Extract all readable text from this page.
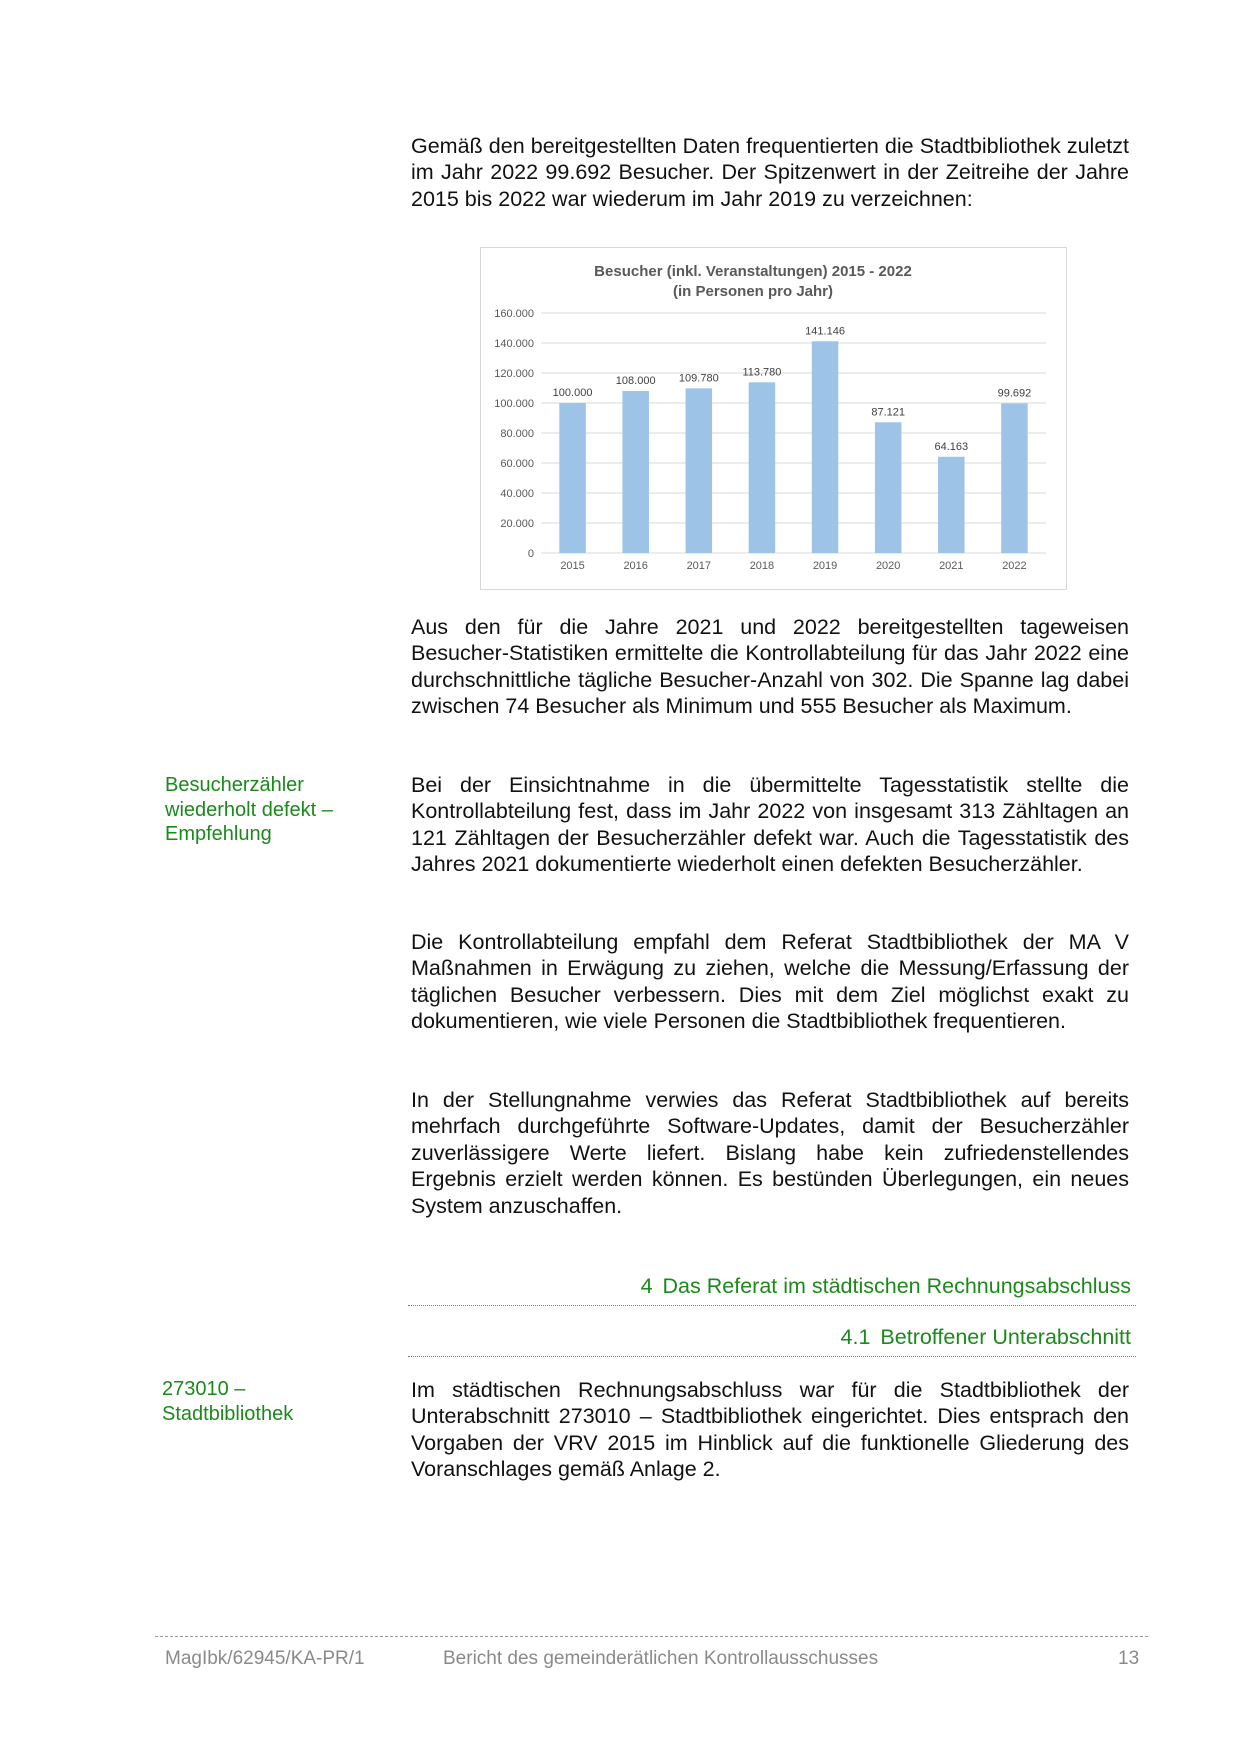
Gemäß den bereitgestellten Daten frequentierten die Stadtbibliothek zuletzt im Jahr 2022 99.692 Besucher. Der Spitzenwert in der Zeitreihe der Jahre 2015 bis 2022 war wiederum im Jahr 2019 zu verzeichnen:

Besucher (inkl. Veranstaltungen) 2015 - 2022
(in Personen pro Jahr)
0
20.000
40.000
60.000
80.000
100.000
120.000
140.000
160.000
100.000
2015
108.000
2016
109.780
2017
113.780
2018
141.146
2019
87.121
2020
64.163
2021
99.692
2022

Aus den für die Jahre 2021 und 2022 bereitgestellten tageweisen Besucher-Statistiken ermittelte die Kontrollabteilung für das Jahr 2022 eine durchschnittliche tägliche Besucher-Anzahl von 302. Die Spanne lag dabei zwischen 74 Besucher als Minimum und 555 Besucher als Maximum.

Besucherzähler
wiederholt defekt –
Empfehlung

Bei der Einsichtnahme in die übermittelte Tagesstatistik stellte die Kontrollabteilung fest, dass im Jahr 2022 von insgesamt 313 Zähltagen an 121 Zähltagen der Besucherzähler defekt war. Auch die Tagesstatistik des Jahres 2021 dokumentierte wiederholt einen defekten Besucherzähler.

Die Kontrollabteilung empfahl dem Referat Stadtbibliothek der MA V Maßnahmen in Erwägung zu ziehen, welche die Messung/Erfassung der täglichen Besucher verbessern. Dies mit dem Ziel möglichst exakt zu dokumentieren, wie viele Personen die Stadtbibliothek frequentieren.

In der Stellungnahme verwies das Referat Stadtbibliothek auf bereits mehrfach durchgeführte Software-Updates, damit der Besucherzähler zuverlässigere Werte liefert. Bislang habe kein zufriedenstellendes Ergebnis erzielt werden können. Es bestünden Überlegungen, ein neues System anzuschaffen.

4 Das Referat im städtischen Rechnungsabschluss

4.1 Betroffener Unterabschnitt

273010 –
Stadtbibliothek

Im städtischen Rechnungsabschluss war für die Stadtbibliothek der Unterabschnitt 273010 – Stadtbibliothek eingerichtet. Dies entsprach den Vorgaben der VRV 2015 im Hinblick auf die funktionelle Gliederung des Voranschlages gemäß Anlage 2.

MagIbk/62945/KA-PR/1	Bericht des gemeinderätlichen Kontrollausschusses	13
